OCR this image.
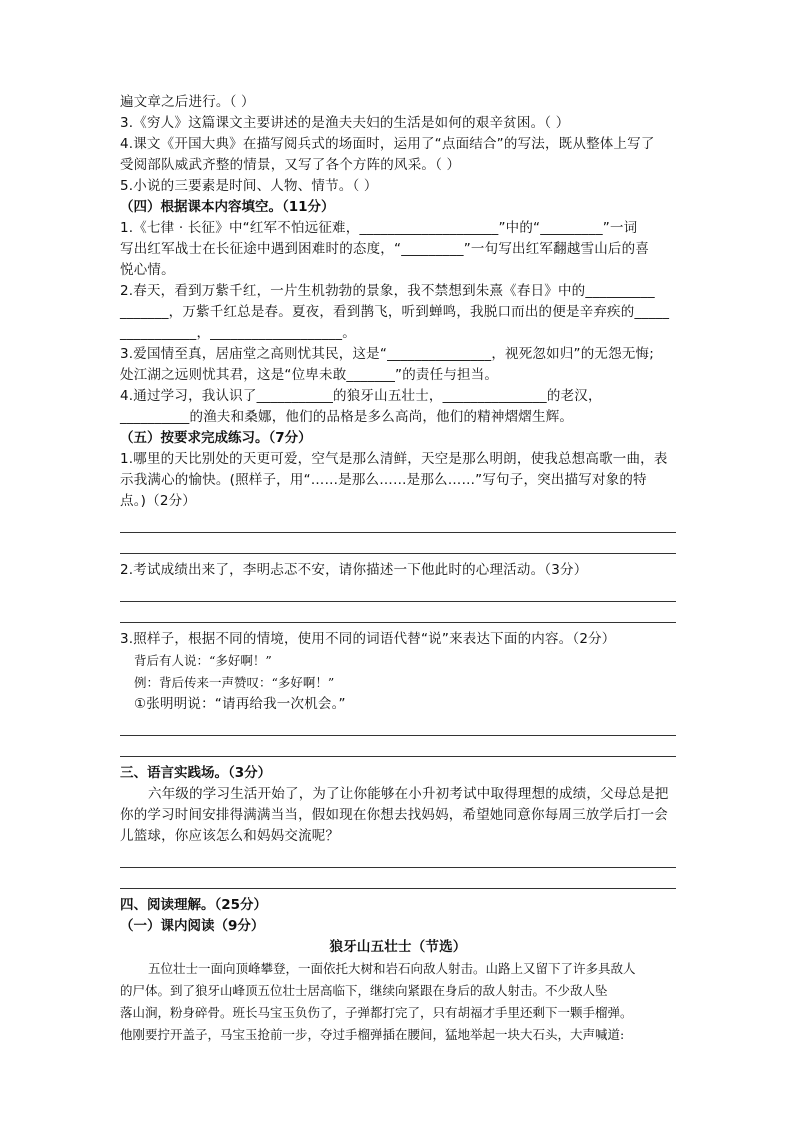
遍文章之后进行。（ ）
3.《穷人》这篇课文主要讲述的是渔夫夫妇的生活是如何的艰辛贫困。（ ）
4.课文《开国大典》在描写阅兵式的场面时，运用了“点面结合”的写法，既从整体上写了
受阅部队威武齐整的情景，又写了各个方阵的风采。（ ）
5.小说的三要素是时间、人物、情节。（ ）
（四）根据课本内容填空。（11分）
1.《七律 · 长征》中“红军不怕远征难，____________________”中的“_________”一词
写出红军战士在长征途中遇到困难时的态度，“_________”一句写出红军翻越雪山后的喜
悦心情。
2.春天，看到万紫千红，一片生机勃勃的景象，我不禁想到朱熹《春日》中的__________
_______，万紫千红总是春。夏夜，看到鹊飞，听到蝉鸣，我脱口而出的便是辛弃疾的_____
___________，___________________。
3.爱国情至真，居庙堂之高则忧其民，这是“_______________，视死忽如归”的无怨无悔;
处江湖之远则忧其君，这是“位卑未敢_______”的责任与担当。
4.通过学习，我认识了___________的狼牙山五壮士，_______________的老汉，
__________的渔夫和桑娜，他们的品格是多么高尚，他们的精神熠熠生辉。
（五）按要求完成练习。（7分）
1.哪里的天比别处的天更可爱，空气是那么清鲜，天空是那么明朗，使我总想高歌一曲，表
示我满心的愉快。(照样子，用“……是那么……是那么……”写句子，突出描写对象的特
点。)（2分）
2.考试成绩出来了，李明忐忑不安，请你描述一下他此时的心理活动。（3分）
3.照样子，根据不同的情境，使用不同的词语代替“说”来表达下面的内容。（2分）
背后有人说：“多好啊！”
例：背后传来一声赞叹：“多好啊！”
①张明明说：“请再给我一次机会。”
三、语言实践场。（3分）
六年级的学习生活开始了，为了让你能够在小升初考试中取得理想的成绩，父母总是把
你的学习时间安排得满满当当，假如现在你想去找妈妈，希望她同意你每周三放学后打一会
儿篮球，你应该怎么和妈妈交流呢？
四、阅读理解。（25分）
（一）课内阅读（9分）
狼牙山五壮士（节选）
五位壮士一面向顶峰攀登，一面依托大树和岩石向敌人射击。山路上又留下了许多具敌人
的尸体。到了狼牙山峰顶五位壮士居高临下，继续向紧跟在身后的敌人射击。不少敌人坠
落山涧，粉身碎骨。班长马宝玉负伤了，子弹都打完了，只有胡福才手里还剩下一颗手榴弹。
他刚要拧开盖子，马宝玉抢前一步，夺过手榴弹插在腰间，猛地举起一块大石头，大声喊道:
